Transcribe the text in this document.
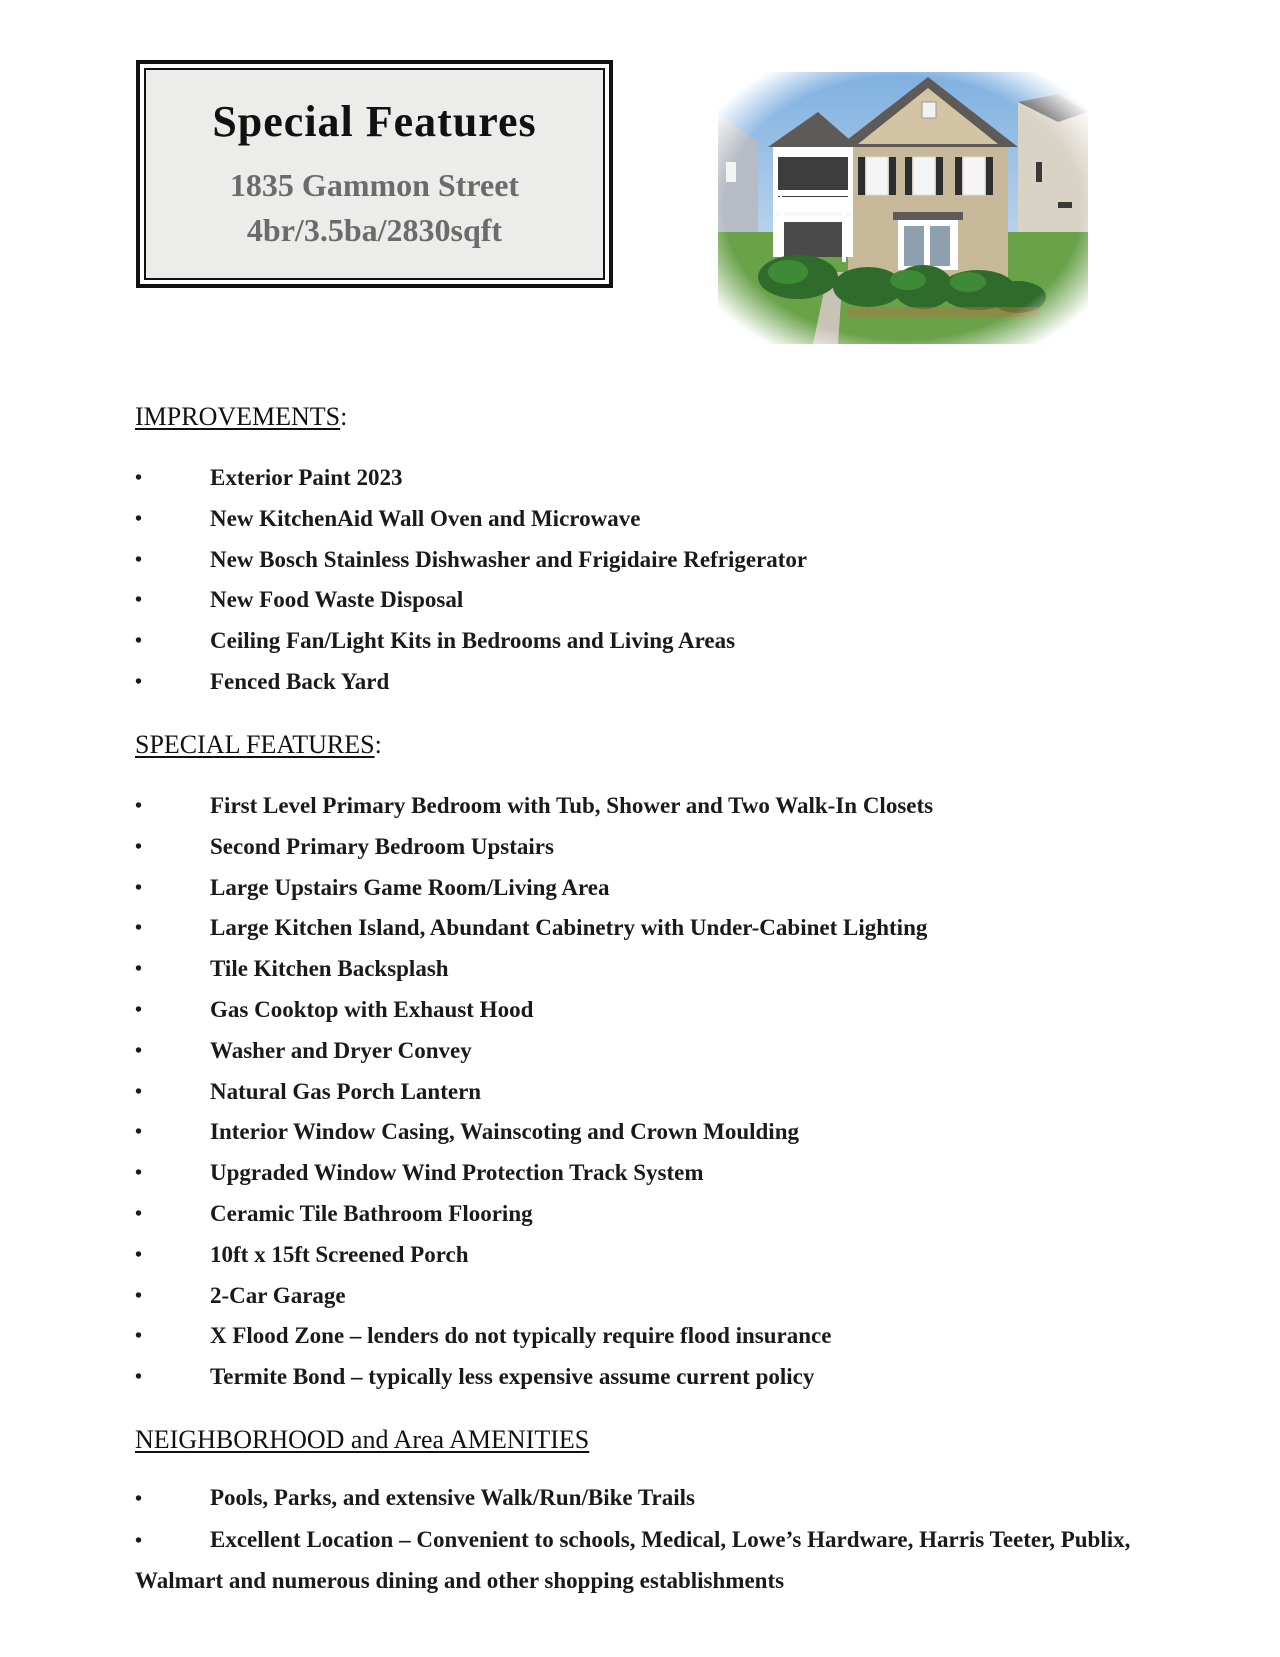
Special Features
1835 Gammon Street
4br/3.5ba/2830sqft
IMPROVEMENTS:
•	Exterior Paint 2023
•	New KitchenAid Wall Oven and Microwave
•	New Bosch Stainless Dishwasher and Frigidaire Refrigerator
•	New Food Waste Disposal
•	Ceiling Fan/Light Kits in Bedrooms and Living Areas
•	Fenced Back Yard
SPECIAL FEATURES:
•	First Level Primary Bedroom with Tub, Shower and Two Walk-In Closets
•	Second Primary Bedroom Upstairs
•	Large Upstairs Game Room/Living Area
•	Large Kitchen Island, Abundant Cabinetry with Under-Cabinet Lighting
•	Tile Kitchen Backsplash
•	Gas Cooktop with Exhaust Hood
•	Washer and Dryer Convey
•	Natural Gas Porch Lantern
•	Interior Window Casing, Wainscoting and Crown Moulding
•	Upgraded Window Wind Protection Track System
•	Ceramic Tile Bathroom Flooring
•	10ft x 15ft Screened Porch
•	2-Car Garage
•	X Flood Zone – lenders do not typically require flood insurance
•	Termite Bond – typically less expensive assume current policy
NEIGHBORHOOD and Area AMENITIES
•	Pools, Parks, and extensive Walk/Run/Bike Trails
•	Excellent Location – Convenient to schools, Medical, Lowe’s Hardware, Harris Teeter, Publix, Walmart and numerous dining and other shopping establishments
